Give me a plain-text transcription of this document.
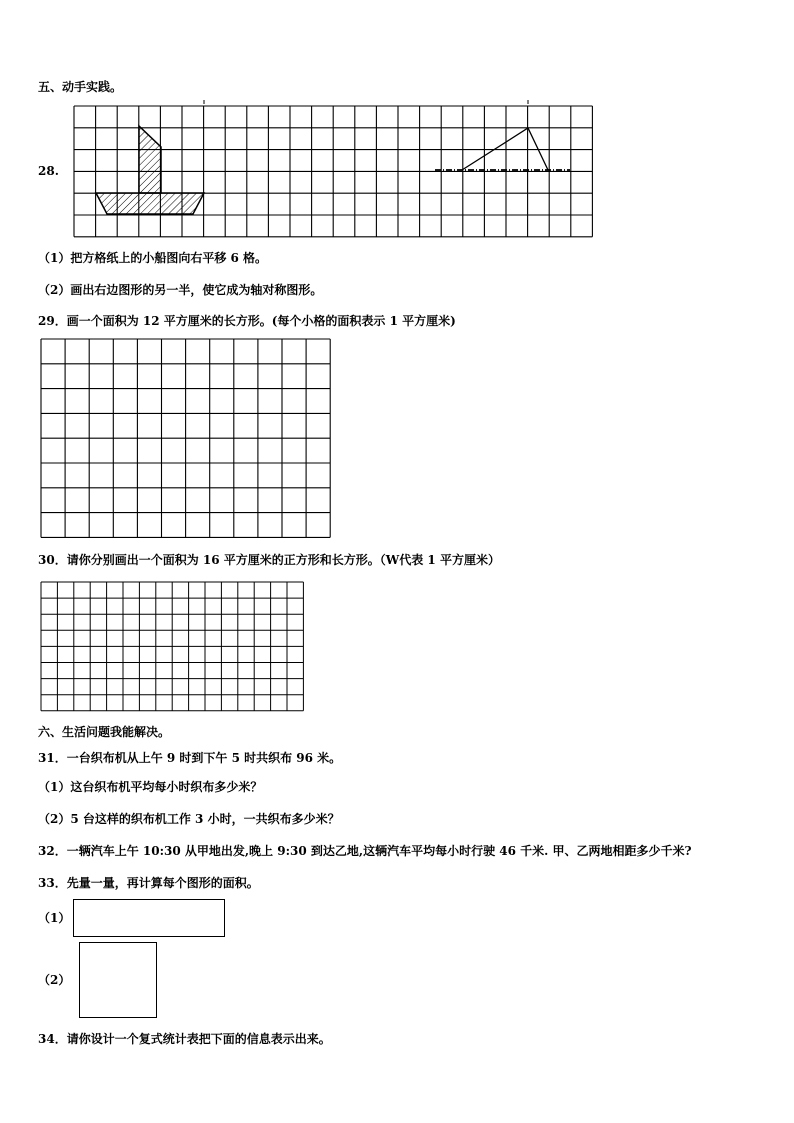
五、动手实践。
28.
（1）把方格纸上的小船图向右平移 6 格。
（2）画出右边图形的另一半，使它成为轴对称图形。
29．画一个面积为 12 平方厘米的长方形。(每个小格的面积表示 1 平方厘米)
30．请你分别画出一个面积为 16 平方厘米的正方形和长方形。（W代表 1 平方厘米）
六、生活问题我能解决。
31．一台织布机从上午 9 时到下午 5 时共织布 96 米。
（1）这台织布机平均每小时织布多少米？
（2）5 台这样的织布机工作 3 小时，一共织布多少米？
32．一辆汽车上午 10:30 从甲地出发,晚上 9:30 到达乙地,这辆汽车平均每小时行驶 46 千米. 甲、乙两地相距多少千米?
33．先量一量，再计算每个图形的面积。
（1）
（2）
34．请你设计一个复式统计表把下面的信息表示出来。
